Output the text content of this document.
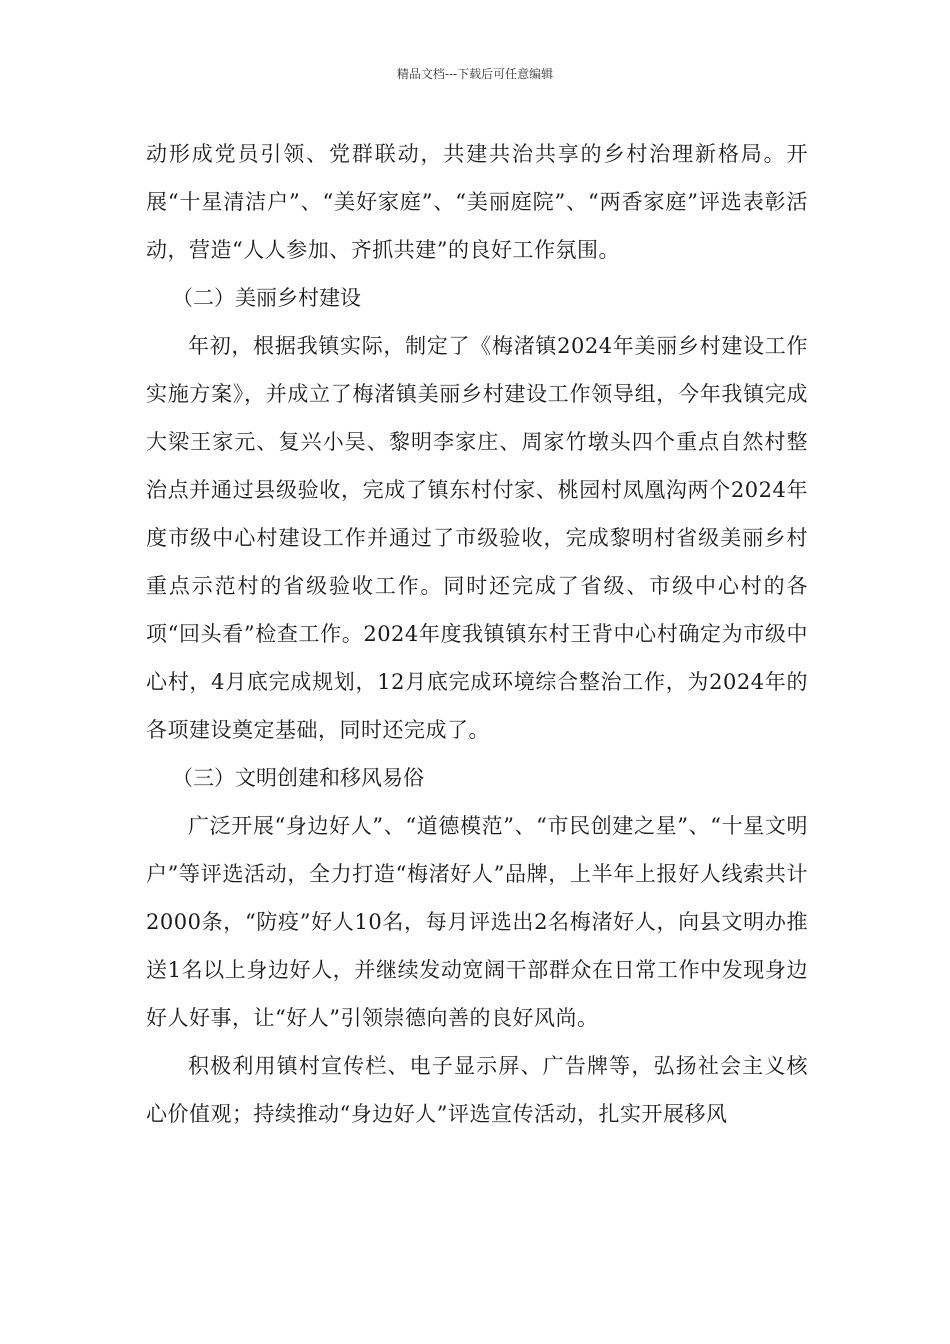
精品文档---下载后可任意编辑

动形成党员引领、党群联动，共建共治共享的乡村治理新格局。开展“十星清洁户”、“美好家庭”、“美丽庭院”、“两香家庭”评选表彰活动，营造“人人参加、齐抓共建”的良好工作氛围。

（二）美丽乡村建设

年初，根据我镇实际，制定了《梅渚镇2024年美丽乡村建设工作实施方案》，并成立了梅渚镇美丽乡村建设工作领导组，今年我镇完成大梁王家元、复兴小吴、黎明李家庄、周家竹墩头四个重点自然村整治点并通过县级验收，完成了镇东村付家、桃园村凤凰沟两个2024年度市级中心村建设工作并通过了市级验收，完成黎明村省级美丽乡村重点示范村的省级验收工作。同时还完成了省级、市级中心村的各项“回头看”检查工作。2024年度我镇镇东村王背中心村确定为市级中心村，4月底完成规划，12月底完成环境综合整治工作，为2024年的各项建设奠定基础，同时还完成了。

（三）文明创建和移风易俗

广泛开展“身边好人”、“道德模范”、“市民创建之星”、“十星文明户”等评选活动，全力打造“梅渚好人”品牌，上半年上报好人线索共计2000条，“防疫”好人10名，每月评选出2名梅渚好人，向县文明办推送1名以上身边好人，并继续发动宽阔干部群众在日常工作中发现身边好人好事，让“好人”引领崇德向善的良好风尚。

积极利用镇村宣传栏、电子显示屏、广告牌等，弘扬社会主义核心价值观；持续推动“身边好人”评选宣传活动，扎实开展移风
